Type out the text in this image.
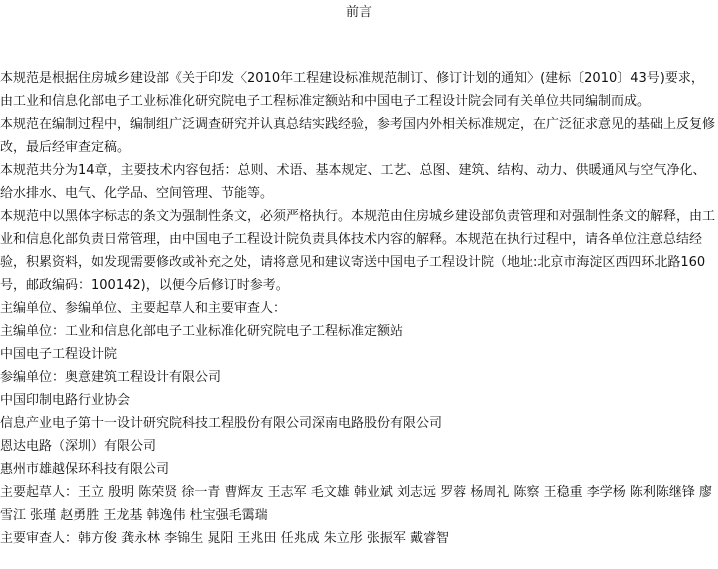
前言

本规范是根据住房城乡建设部《关于印发〈2010年工程建设标准规范制订、修订计划的通知〉(建标〔2010〕43号)要求，由工业和信息化部电子工业标准化研究院电子工程标准定额站和中国电子工程设计院会同有关单位共同编制而成。

本规范在编制过程中，编制组广泛调查研究并认真总结实践经验，参考国内外相关标准规定，在广泛征求意见的基础上反复修改，最后经审查定稿。

本规范共分为14章，主要技术内容包括：总则、术语、基本规定、工艺、总图、建筑、结构、动力、供暖通风与空气净化、给水排水、电气、化学品、空间管理、节能等。

本规范中以黑体字标志的条文为强制性条文，必须严格执行。本规范由住房城乡建设部负责管理和对强制性条文的解释，由工业和信息化部负责日常管理，由中国电子工程设计院负责具体技术内容的解释。本规范在执行过程中，请各单位注意总结经验，积累资料，如发现需要修改或补充之处，请将意见和建议寄送中国电子工程设计院（地址:北京市海淀区西四环北路160号，邮政编码：100142)，以便今后修订时参考。

主编单位、参编单位、主要起草人和主要审查人：

主编单位：工业和信息化部电子工业标准化研究院电子工程标准定额站

中国电子工程设计院

参编单位：奥意建筑工程设计有限公司

中国印制电路行业协会

信息产业电子第十一设计研究院科技工程股份有限公司深南电路股份有限公司

恩达电路（深圳）有限公司

惠州市雄越保环科技有限公司

主要起草人：王立 殷明 陈荣贤 徐一青 曹辉友 王志军 毛文雄 韩业斌 刘志远 罗蓉 杨周礼 陈察 王稳重 李学杨 陈利陈继锋 廖雪江 张瑾 赵勇胜 王龙基 韩逸伟 杜宝强毛霭瑞

主要审查人：韩方俊 龚永林 李锦生 晁阳 王兆田 任兆成 朱立彤 张振军 戴睿智
